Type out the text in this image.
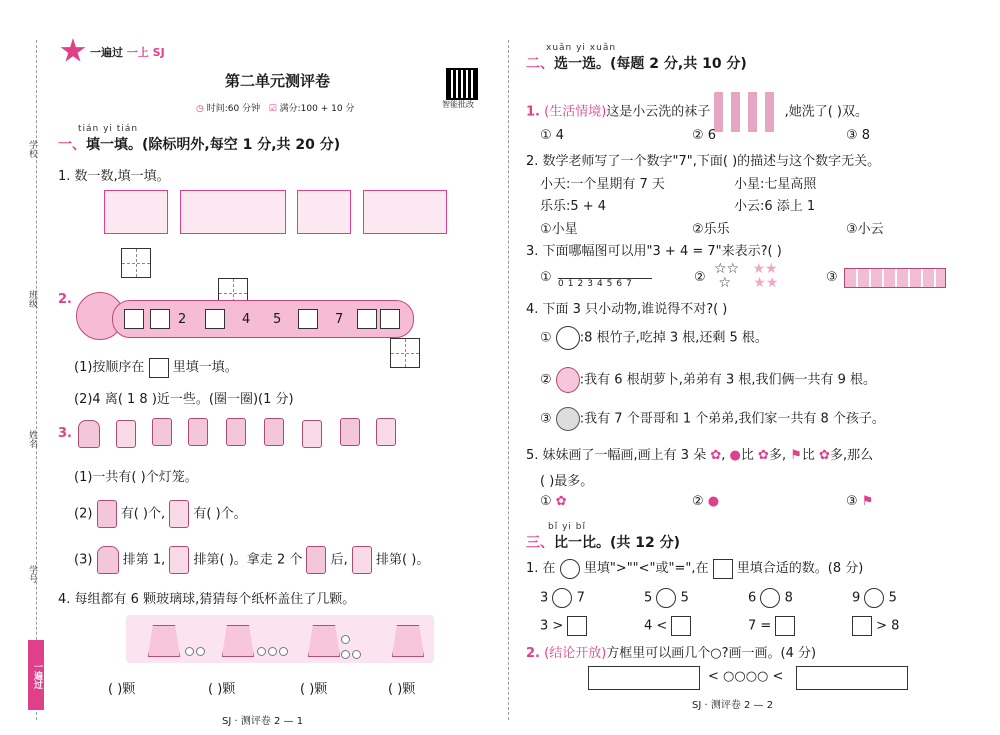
学校
班级
姓名
学号
一遍过
一遍过 一上 SJ
第二单元测评卷
◷ 时间:60 分钟 ☑ 满分:100 + 10 分	智能批改
tián yi tián
一、填一填。(除标明外,每空 1 分,共 20 分)
1. 数一数,填一填。
2.
2	4 5	7
(1)按顺序在 里填一填。
(2)4 离( 1 8 )近一些。(圈一圈)(1 分)
3.
(1)一共有( )个灯笼。
(2) 有( )个, 有( )个。
(3) 排第 1, 排第( )。拿走 2 个 后, 排第( )。
4. 每组都有 6 颗玻璃球,猜猜每个纸杯盖住了几颗。

( )颗	( )颗	( )颗	( )颗
SJ · 测评卷 2 — 1
xuǎn yi xuǎn
二、选一选。(每题 2 分,共 10 分)
1. (生活情境)这是小云洗的袜子	,她洗了( )双。
① 4	② 6	③ 8
2. 数学老师写了一个数字"7",下面( )的描述与这个数字无关。
小天:一个星期有 7 天	小星:七星高照
乐乐:5 + 4	小云:6 添上 1
①小星	②乐乐	③小云
3. 下面哪幅图可以用"3 + 4 = 7"来表示?( )
① 01234567	②
☆☆ ★★
☆ ★★	③
4. 下面 3 只小动物,谁说得不对?( )
① :8 根竹子,吃掉 3 根,还剩 5 根。
② :我有 6 根胡萝卜,弟弟有 3 根,我们俩一共有 9 根。
③ :我有 7 个哥哥和 1 个弟弟,我们家一共有 8 个孩子。
5. 妹妹画了一幅画,画上有 3 朵 ✿, ●比 ✿多, ⚑比 ✿多,那么
( )最多。
① ✿	② ●	③ ⚑
bǐ yi bǐ
三、比一比。(共 12 分)
1. 在 里填">""<"或"=",在 里填合适的数。(8 分)
3 7	5 5	6 8	9 5
3 >	4 <	7 =	> 8
2. (结论开放)方框里可以画几个○?画一画。(4 分)
< ○○○○ <
SJ · 测评卷 2 — 2
